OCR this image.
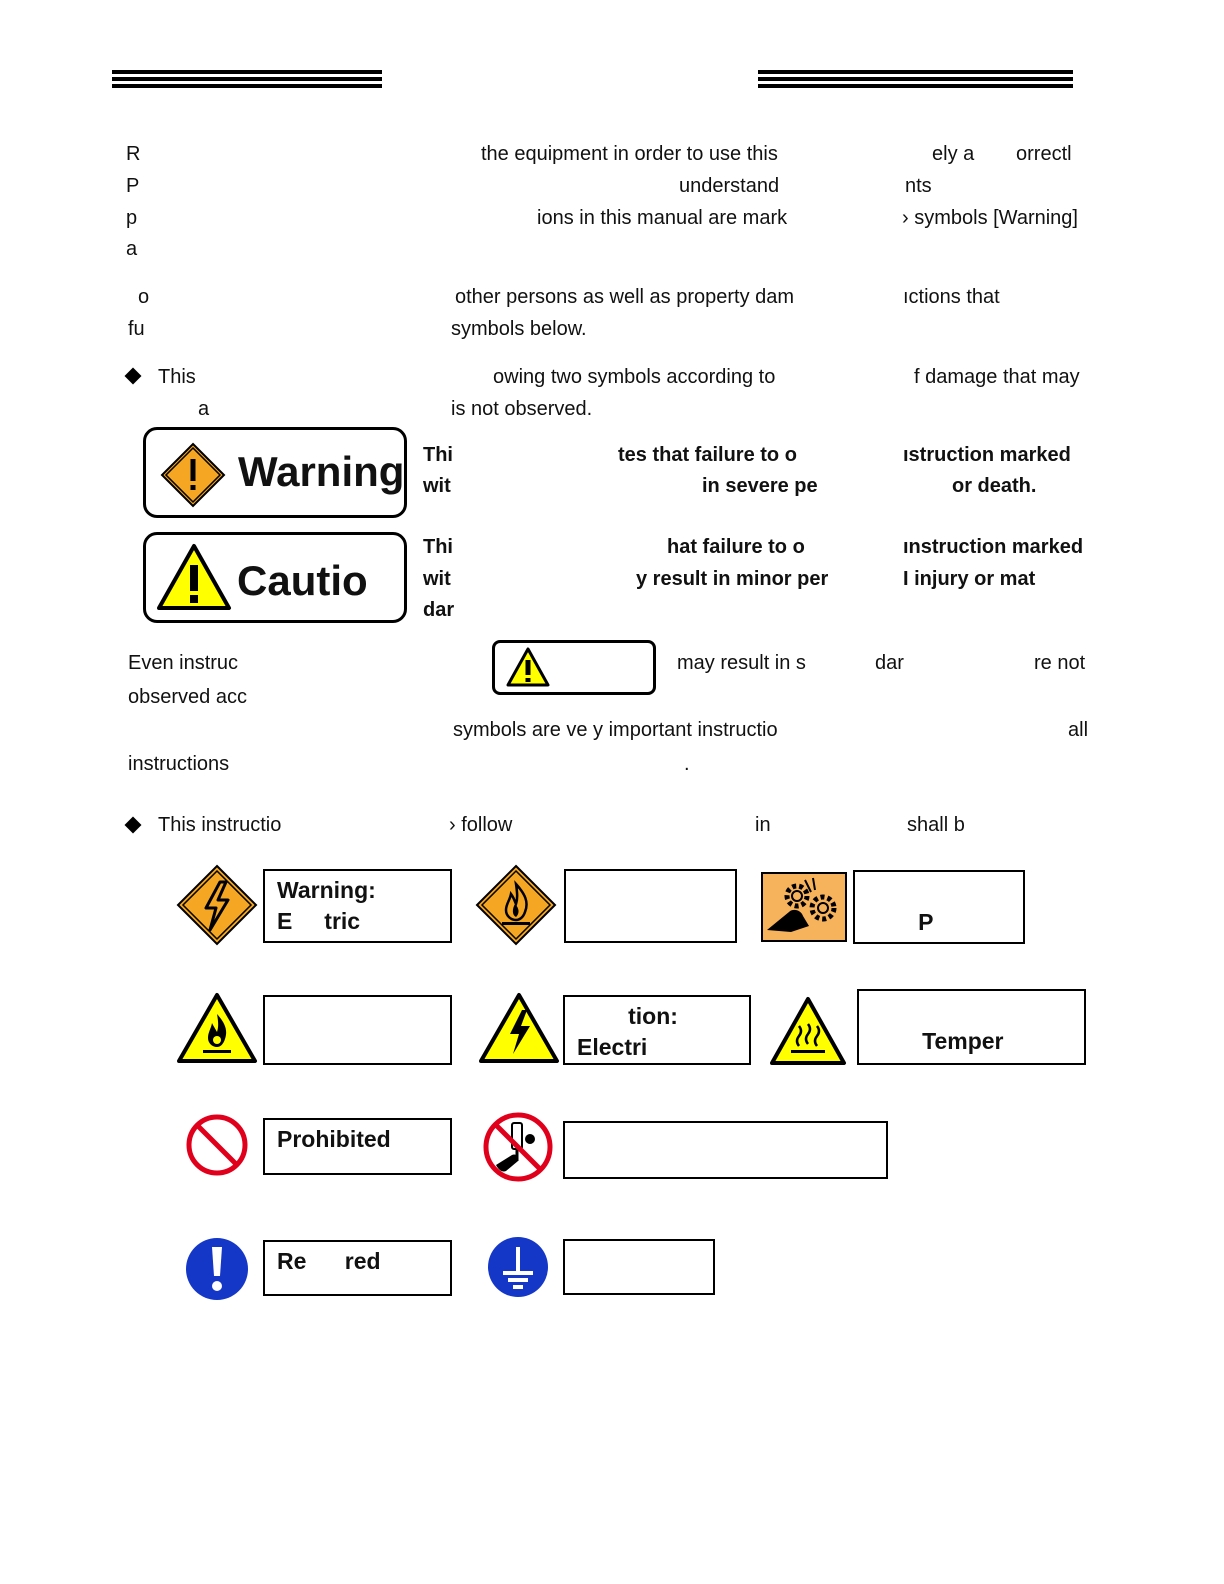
R	the equipment in order to use this	ely a orrectl
P	understand	nts
p	ions in this manual are mark	› symbols [Warning]
a
o	other persons as well as property dam	ıctions that
fu	symbols below.
This	owing two symbols according to	f damage that may
a	is not observed.
Warning Thi	tes that failure to o	ıstruction marked
wit	in severe pe	or death.
Cautio
Thi	hat failure to o	ınstruction marked
wit	y result in minor per	I injury or mat
dar
Even instruc	may result in s	dar	re not
observed acc
symbols are ve y important instructio	all
instructions	.
This instructio	› follow	in	shall b
Warning:
E     tric	
P
tion:
Electri	
Temper
Prohibited
Re      red
